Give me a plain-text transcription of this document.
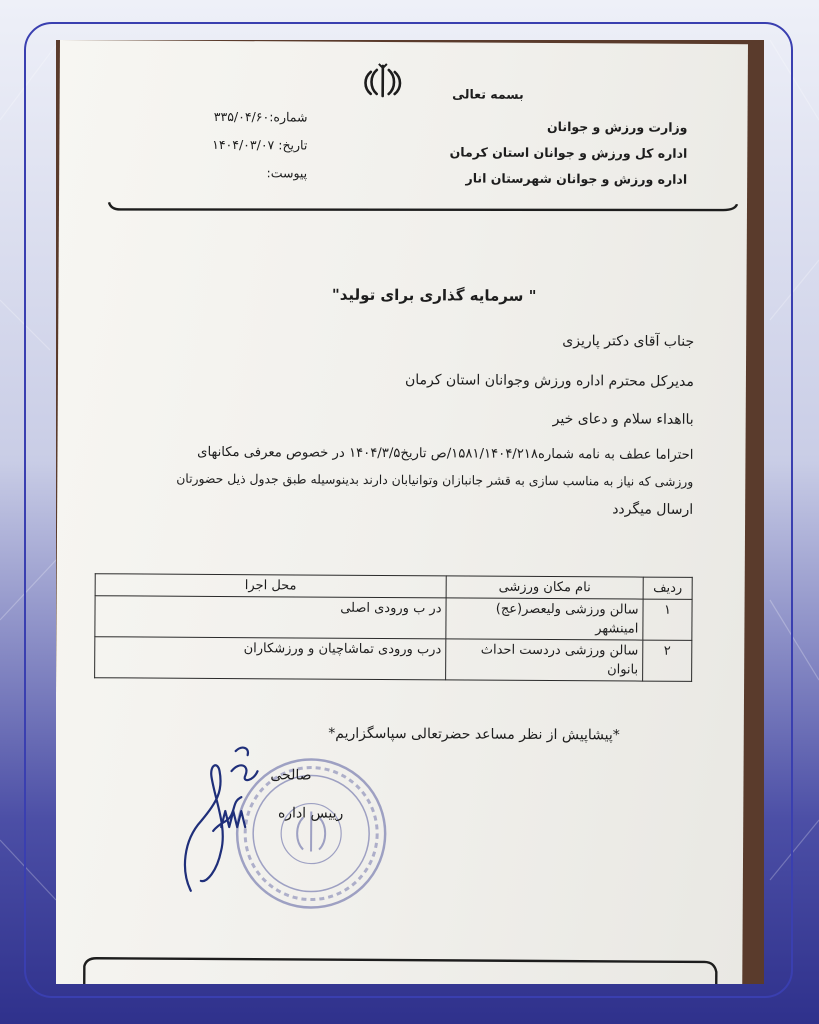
بسمه تعالی
وزارت ورزش و جوانان
اداره کل ورزش و جوانان استان کرمان
اداره ورزش و جوانان شهرستان انار
شماره:۳۳۵/۰۴/۶۰
تاریخ: ۱۴۰۴/۰۳/۰۷
پیوست:
" سرمایه گذاری برای تولید"
جناب آقای دکتر پاریزی
مدیرکل محترم اداره ورزش وجوانان استان کرمان
بااهداء سلام و دعای خیر
احتراما عطف به نامه شماره۱۵۸۱/۱۴۰۴/۲۱۸/ص تاریخ۱۴۰۴/۳/۵ در خصوص معرفی مکانهای
ورزشی که نیاز به مناسب سازی به قشر جانبازان وتوانیابان دارند بدینوسیله طبق جدول ذیل حضورتان
ارسال میگردد
ردیف	نام مکان ورزشی	محل اجرا
۱	سالن ورزشی ولیعصر(عج)
امینشهر	در ب ورودی اصلی
۲	سالن ورزشی دردست احداث
بانوان	درب ورودی تماشاچیان و ورزشکاران
*پیشاپیش از نظر مساعد حضرتعالی سپاسگزاریم*
صالحی
رییس اداره
